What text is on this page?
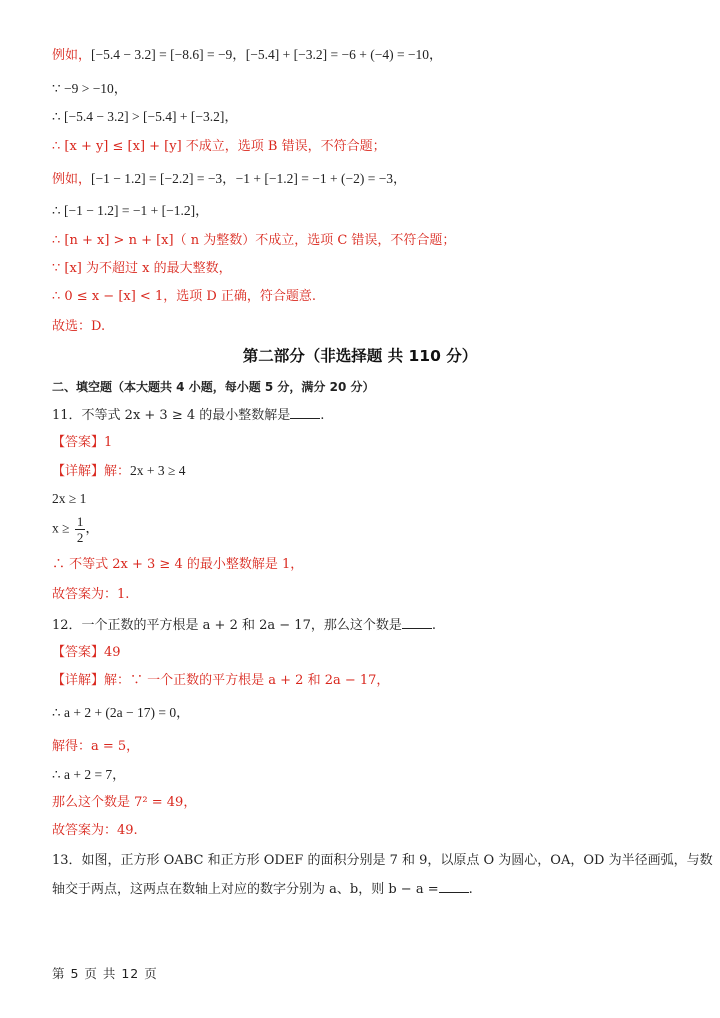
例如，[−5.4 − 3.2] = [−8.6] = −9，[−5.4] + [−3.2] = −6 + (−4) = −10，
∵ −9 > −10，
∴ [−5.4 − 3.2] > [−5.4] + [−3.2]，
∴ [x + y] ≤ [x] + [y] 不成立，选项 B 错误，不符合题；
例如，[−1 − 1.2] = [−2.2] = −3，−1 + [−1.2] = −1 + (−2) = −3，
∴ [−1 − 1.2] = −1 + [−1.2]，
∴ [n + x] > n + [x]（ n 为整数）不成立，选项 C 错误，不符合题；
∵ [x] 为不超过 x 的最大整数，
∴ 0 ≤ x − [x] < 1，选项 D 正确，符合题意.
故选：D.
第二部分（非选择题 共 110 分）
二、填空题（本大题共 4 小题，每小题 5 分，满分 20 分）
11．不等式 2x + 3 ≥ 4 的最小整数解是 .
【答案】1
【详解】解：2x + 3 ≥ 4
2x ≥ 1
$x \ge \frac{1}{2}$ ，
∴ 不等式 2x + 3 ≥ 4 的最小整数解是 1，
故答案为：1.
12．一个正数的平方根是 a + 2 和 2a − 17，那么这个数是 .
【答案】49
【详解】解：∵ 一个正数的平方根是 a + 2 和 2a − 17，
∴ a + 2 + (2a − 17) = 0，
解得：a = 5，
∴ a + 2 = 7，
那么这个数是 7² = 49，
故答案为：49.
13．如图，正方形 OABC 和正方形 ODEF 的面积分别是 7 和 9，以原点 O 为圆心，OA，OD 为半径画弧，与数
轴交于两点，这两点在数轴上对应的数字分别为 a、b，则 b − a = .
第 5 页 共 12 页
